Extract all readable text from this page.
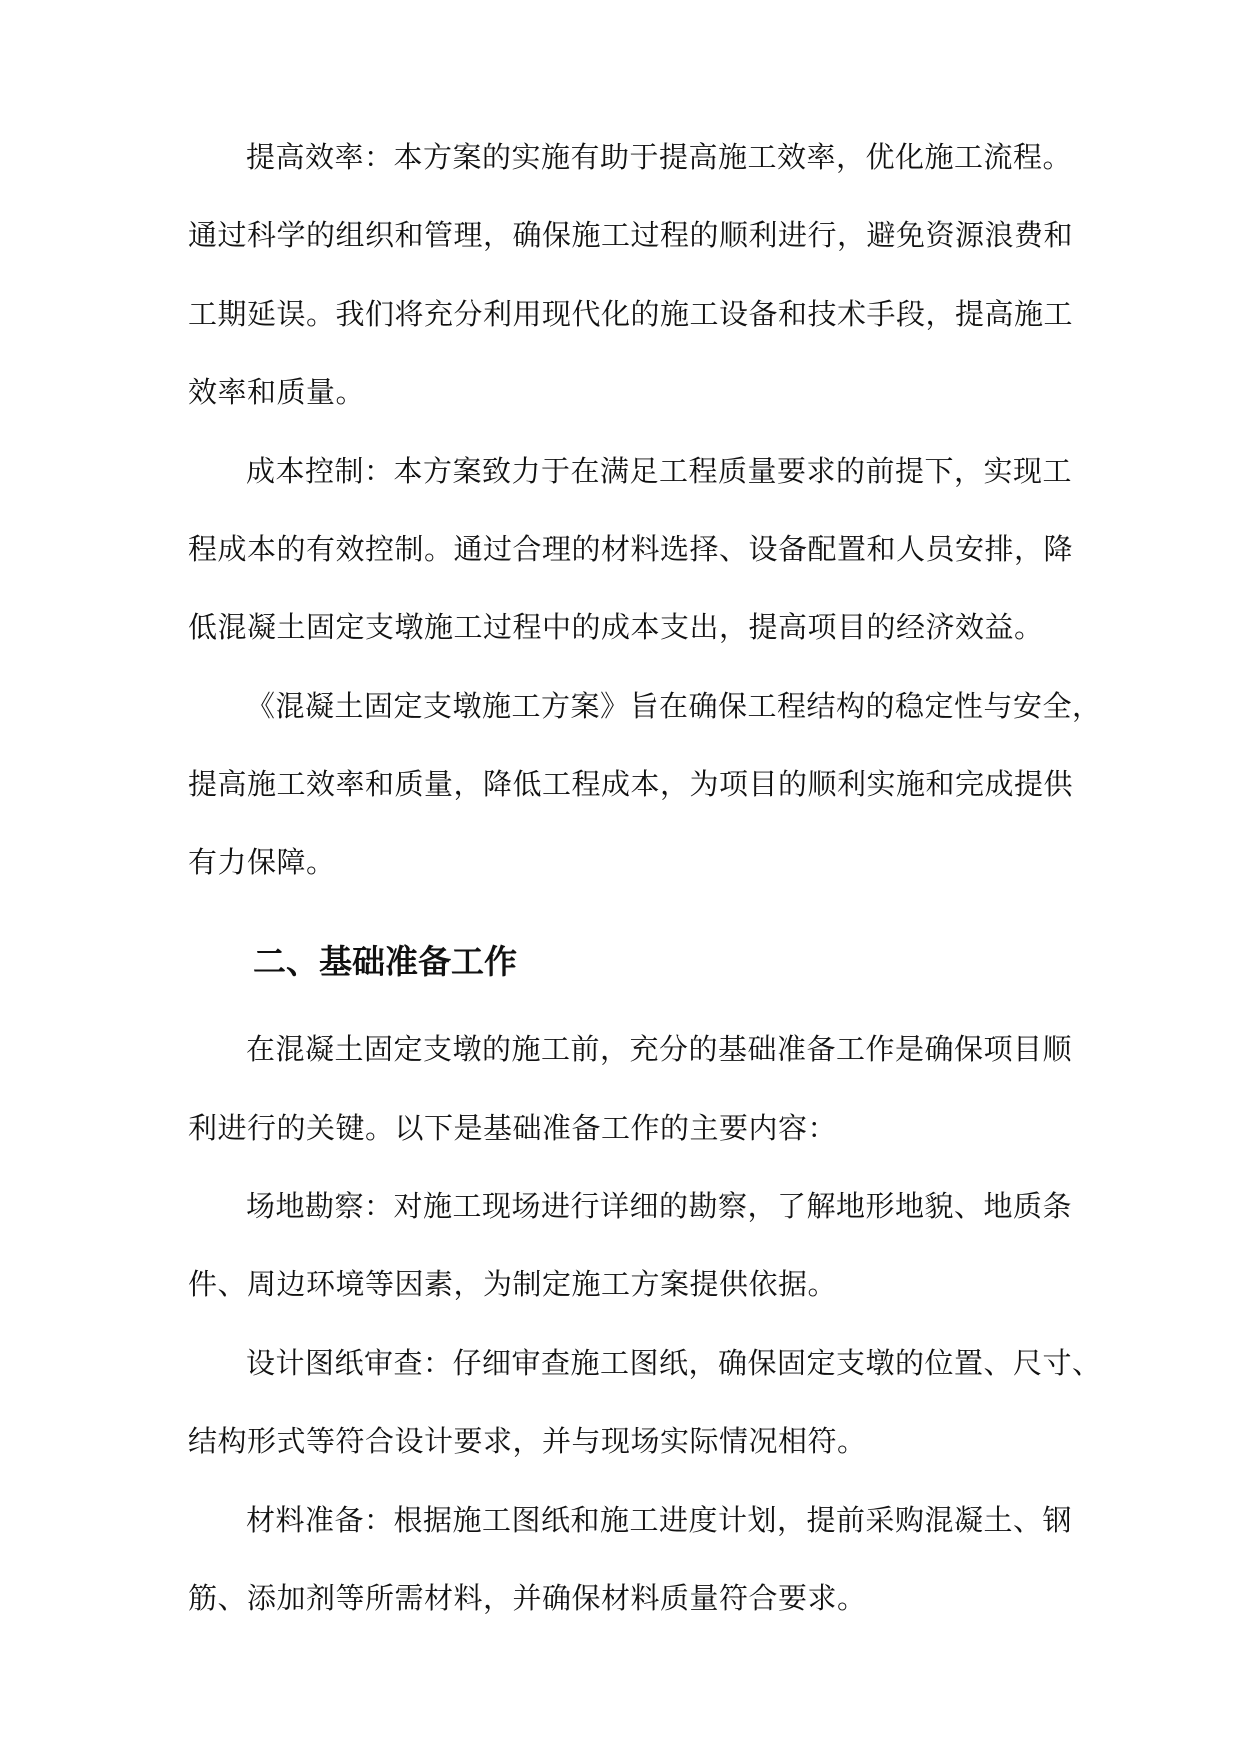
提高效率：本方案的实施有助于提高施工效率，优化施工流程。
通过科学的组织和管理，确保施工过程的顺利进行，避免资源浪费和
工期延误。我们将充分利用现代化的施工设备和技术手段，提高施工
效率和质量。
成本控制：本方案致力于在满足工程质量要求的前提下，实现工
程成本的有效控制。通过合理的材料选择、设备配置和人员安排，降
低混凝土固定支墩施工过程中的成本支出，提高项目的经济效益。
《混凝土固定支墩施工方案》旨在确保工程结构的稳定性与安全，
提高施工效率和质量，降低工程成本，为项目的顺利实施和完成提供
有力保障。
二、基础准备工作
在混凝土固定支墩的施工前，充分的基础准备工作是确保项目顺
利进行的关键。以下是基础准备工作的主要内容：
场地勘察：对施工现场进行详细的勘察，了解地形地貌、地质条
件、周边环境等因素，为制定施工方案提供依据。
设计图纸审查：仔细审查施工图纸，确保固定支墩的位置、尺寸、
结构形式等符合设计要求，并与现场实际情况相符。
材料准备：根据施工图纸和施工进度计划，提前采购混凝土、钢
筋、添加剂等所需材料，并确保材料质量符合要求。
